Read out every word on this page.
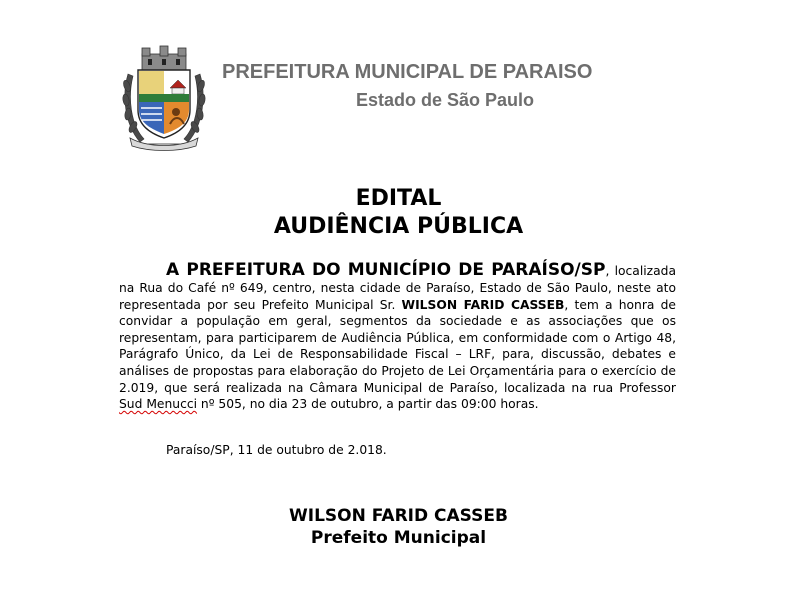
PREFEITURA MUNICIPAL DE PARAISO
Estado de São Paulo
EDITAL
AUDIÊNCIA PÚBLICA
A PREFEITURA DO MUNICÍPIO DE PARAÍSO/SP, localizada na Rua do Café nº 649, centro, nesta cidade de Paraíso, Estado de São Paulo, neste ato representada por seu Prefeito Municipal Sr. WILSON FARID CASSEB, tem a honra de convidar a população em geral, segmentos da sociedade e as associações que os representam, para participarem de Audiência Pública, em conformidade com o Artigo 48, Parágrafo Único, da Lei de Responsabilidade Fiscal – LRF, para, discussão, debates e análises de propostas para elaboração do Projeto de Lei Orçamentária para o exercício de 2.019, que será realizada na Câmara Municipal de Paraíso, localizada na rua Professor Sud Menucci nº 505, no dia 23 de outubro, a partir das 09:00 horas.
Paraíso/SP, 11 de outubro de 2.018.
WILSON FARID CASSEB
Prefeito Municipal
